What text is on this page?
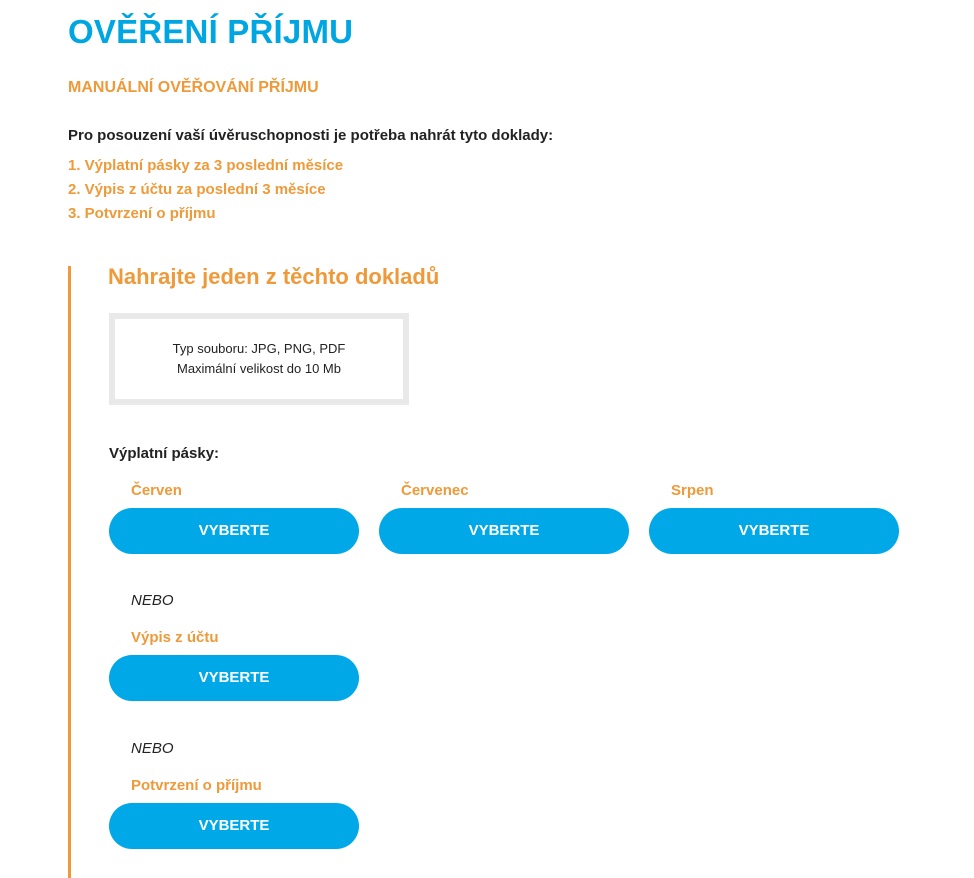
OVĚŘENÍ PŘÍJMU
MANUÁLNÍ OVĚŘOVÁNÍ PŘÍJMU

Pro posouzení vaší úvěruschopnosti je potřeba nahrát tyto doklady:

1. Výplatní pásky za 3 poslední měsíce
2. Výpis z účtu za poslední 3 měsíce
3. Potvrzení o příjmu
Nahrajte jeden z těchto dokladů
Typ souboru: JPG, PNG, PDF
Maximální velikost do 10 Mb

Výplatní pásky:

Červen
VYBERTE
Červenec
VYBERTE
Srpen
VYBERTE
NEBO
Výpis z účtu
VYBERTE
NEBO
Potvrzení o příjmu
VYBERTE
